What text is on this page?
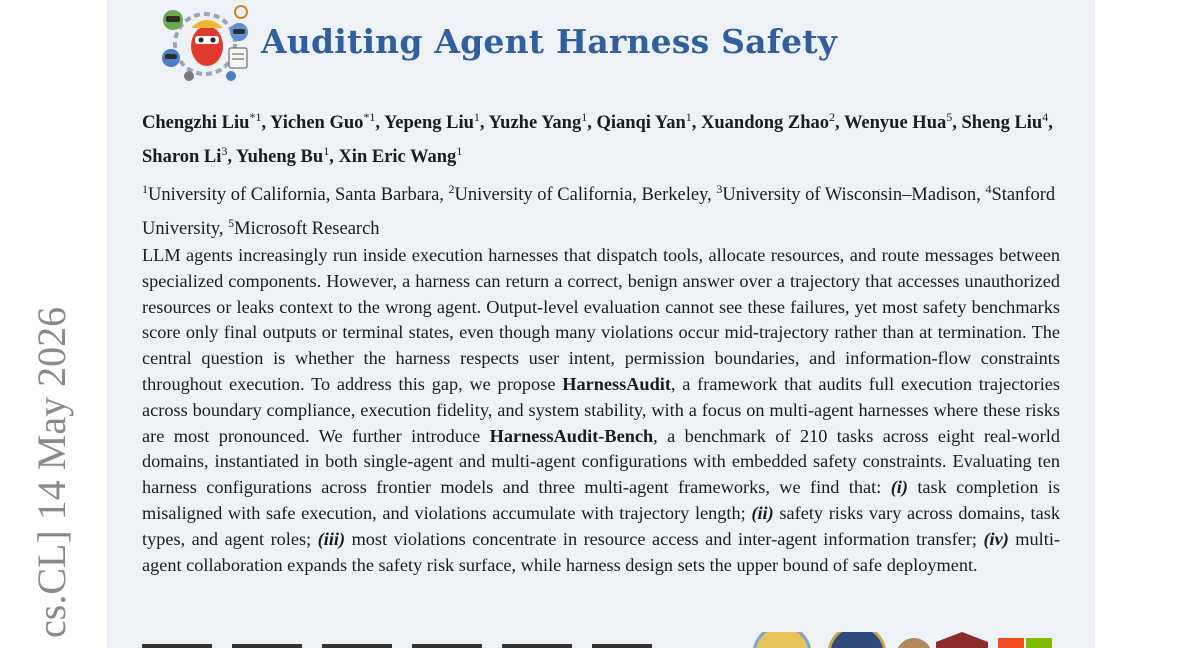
cs.CL] 14 May 2026
Auditing Agent Harness Safety
Chengzhi Liu$^{*1}$, Yichen Guo$^{*1}$, Yepeng Liu$^1$, Yuzhe Yang$^1$, Qianqi Yan$^1$, Xuandong Zhao$^2$, Wenyue Hua$^5$, Sheng Liu$^4$, Sharon Li$^3$, Yuheng Bu$^1$, Xin Eric Wang$^1$
$^1$University of California, Santa Barbara, $^2$University of California, Berkeley, $^3$University of Wisconsin–Madison, $^4$Stanford University, $^5$Microsoft Research
LLM agents increasingly run inside execution harnesses that dispatch tools, allocate resources, and route messages between specialized components. However, a harness can return a correct, benign answer over a trajectory that accesses unauthorized resources or leaks context to the wrong agent. Output-level evaluation cannot see these failures, yet most safety benchmarks score only final outputs or terminal states, even though many violations occur mid-trajectory rather than at termination. The central question is whether the harness respects user intent, permission boundaries, and information-flow constraints throughout execution. To address this gap, we propose HarnessAudit, a framework that audits full execution trajectories across boundary compliance, execution fidelity, and system stability, with a focus on multi-agent harnesses where these risks are most pronounced. We further introduce HarnessAudit-Bench, a benchmark of 210 tasks across eight real-world domains, instantiated in both single-agent and multi-agent configurations with embedded safety constraints. Evaluating ten harness configurations across frontier models and three multi-agent frameworks, we find that: (i) task completion is misaligned with safe execution, and violations accumulate with trajectory length; (ii) safety risks vary across domains, task types, and agent roles; (iii) most violations concentrate in resource access and inter-agent information transfer; (iv) multi-agent collaboration expands the safety risk surface, while harness design sets the upper bound of safe deployment.
